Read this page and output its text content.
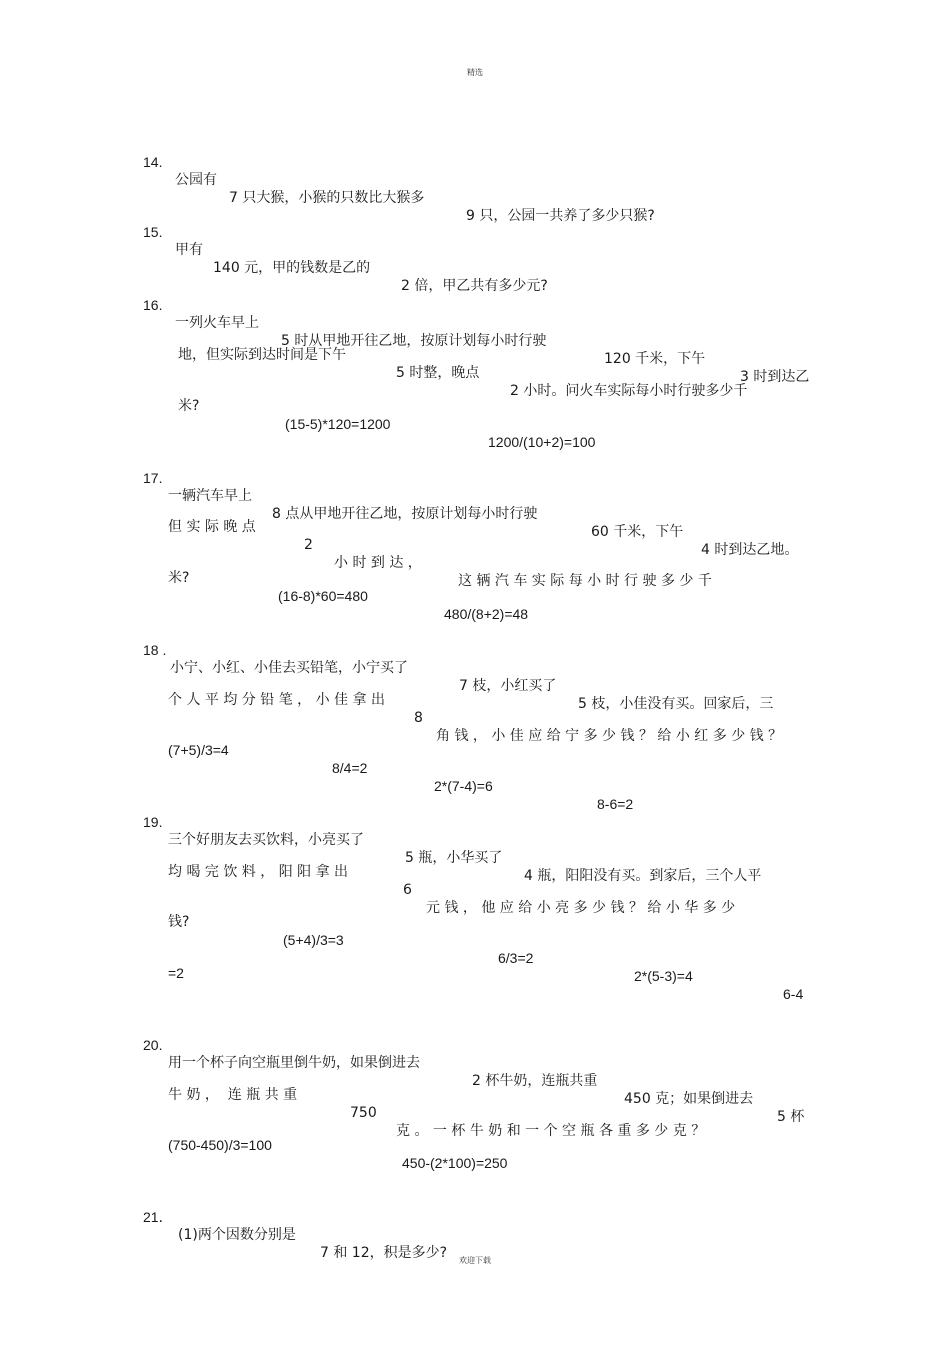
精选

14.

公园有

7 只大猴，小猴的只数比大猴多

9 只，公园一共养了多少只猴?

15.

甲有

140 元，甲的钱数是乙的

2 倍，甲乙共有多少元?

16.

一列火车早上

5 时从甲地开往乙地，按原计划每小时行驶

120 千米，下午

3 时到达乙

地，但实际到达时间是下午

5 时整，晚点

2 小时。问火车实际每小时行驶多少千

米?

(15-5)*120=1200

1200/(10+2)=100

17.

一辆汽车早上

8 点从甲地开往乙地，按原计划每小时行驶

60 千米，下午

4 时到达乙地。

但 实 际 晚 点

2

小 时 到 达 ，

这 辆 汽 车 实 际 每 小 时 行 驶 多 少 千

米?

(16-8)*60=480

480/(8+2)=48

18 .

小宁、小红、小佳去买铅笔，小宁买了

7 枝，小红买了

5 枝，小佳没有买。回家后，三

个 人 平 均 分 铅 笔 ， 小 佳 拿 出

8

角 钱 ， 小 佳 应 给 宁 多 少 钱 ？ 给 小 红 多 少 钱 ？

(7+5)/3=4

8/4=2

2*(7-4)=6

8-6=2

19.

三个好朋友去买饮料，小亮买了

5 瓶，小华买了

4 瓶，阳阳没有买。到家后，三个人平

均 喝 完 饮 料 ， 阳 阳 拿 出

6

元 钱 ， 他 应 给 小 亮 多 少 钱 ？ 给 小 华 多 少

钱?

(5+4)/3=3

6/3=2

2*(5-3)=4

6-4

=2

20.

用一个杯子向空瓶里倒牛奶，如果倒进去

2 杯牛奶，连瓶共重

450 克；如果倒进去

5 杯

牛 奶 ，  连 瓶 共 重

750

克 。 一 杯 牛 奶 和 一 个 空 瓶 各 重 多 少 克 ？

(750-450)/3=100

450-(2*100)=250

21．

(1)两个因数分别是

7 和 12，积是多少?	欢迎下载
